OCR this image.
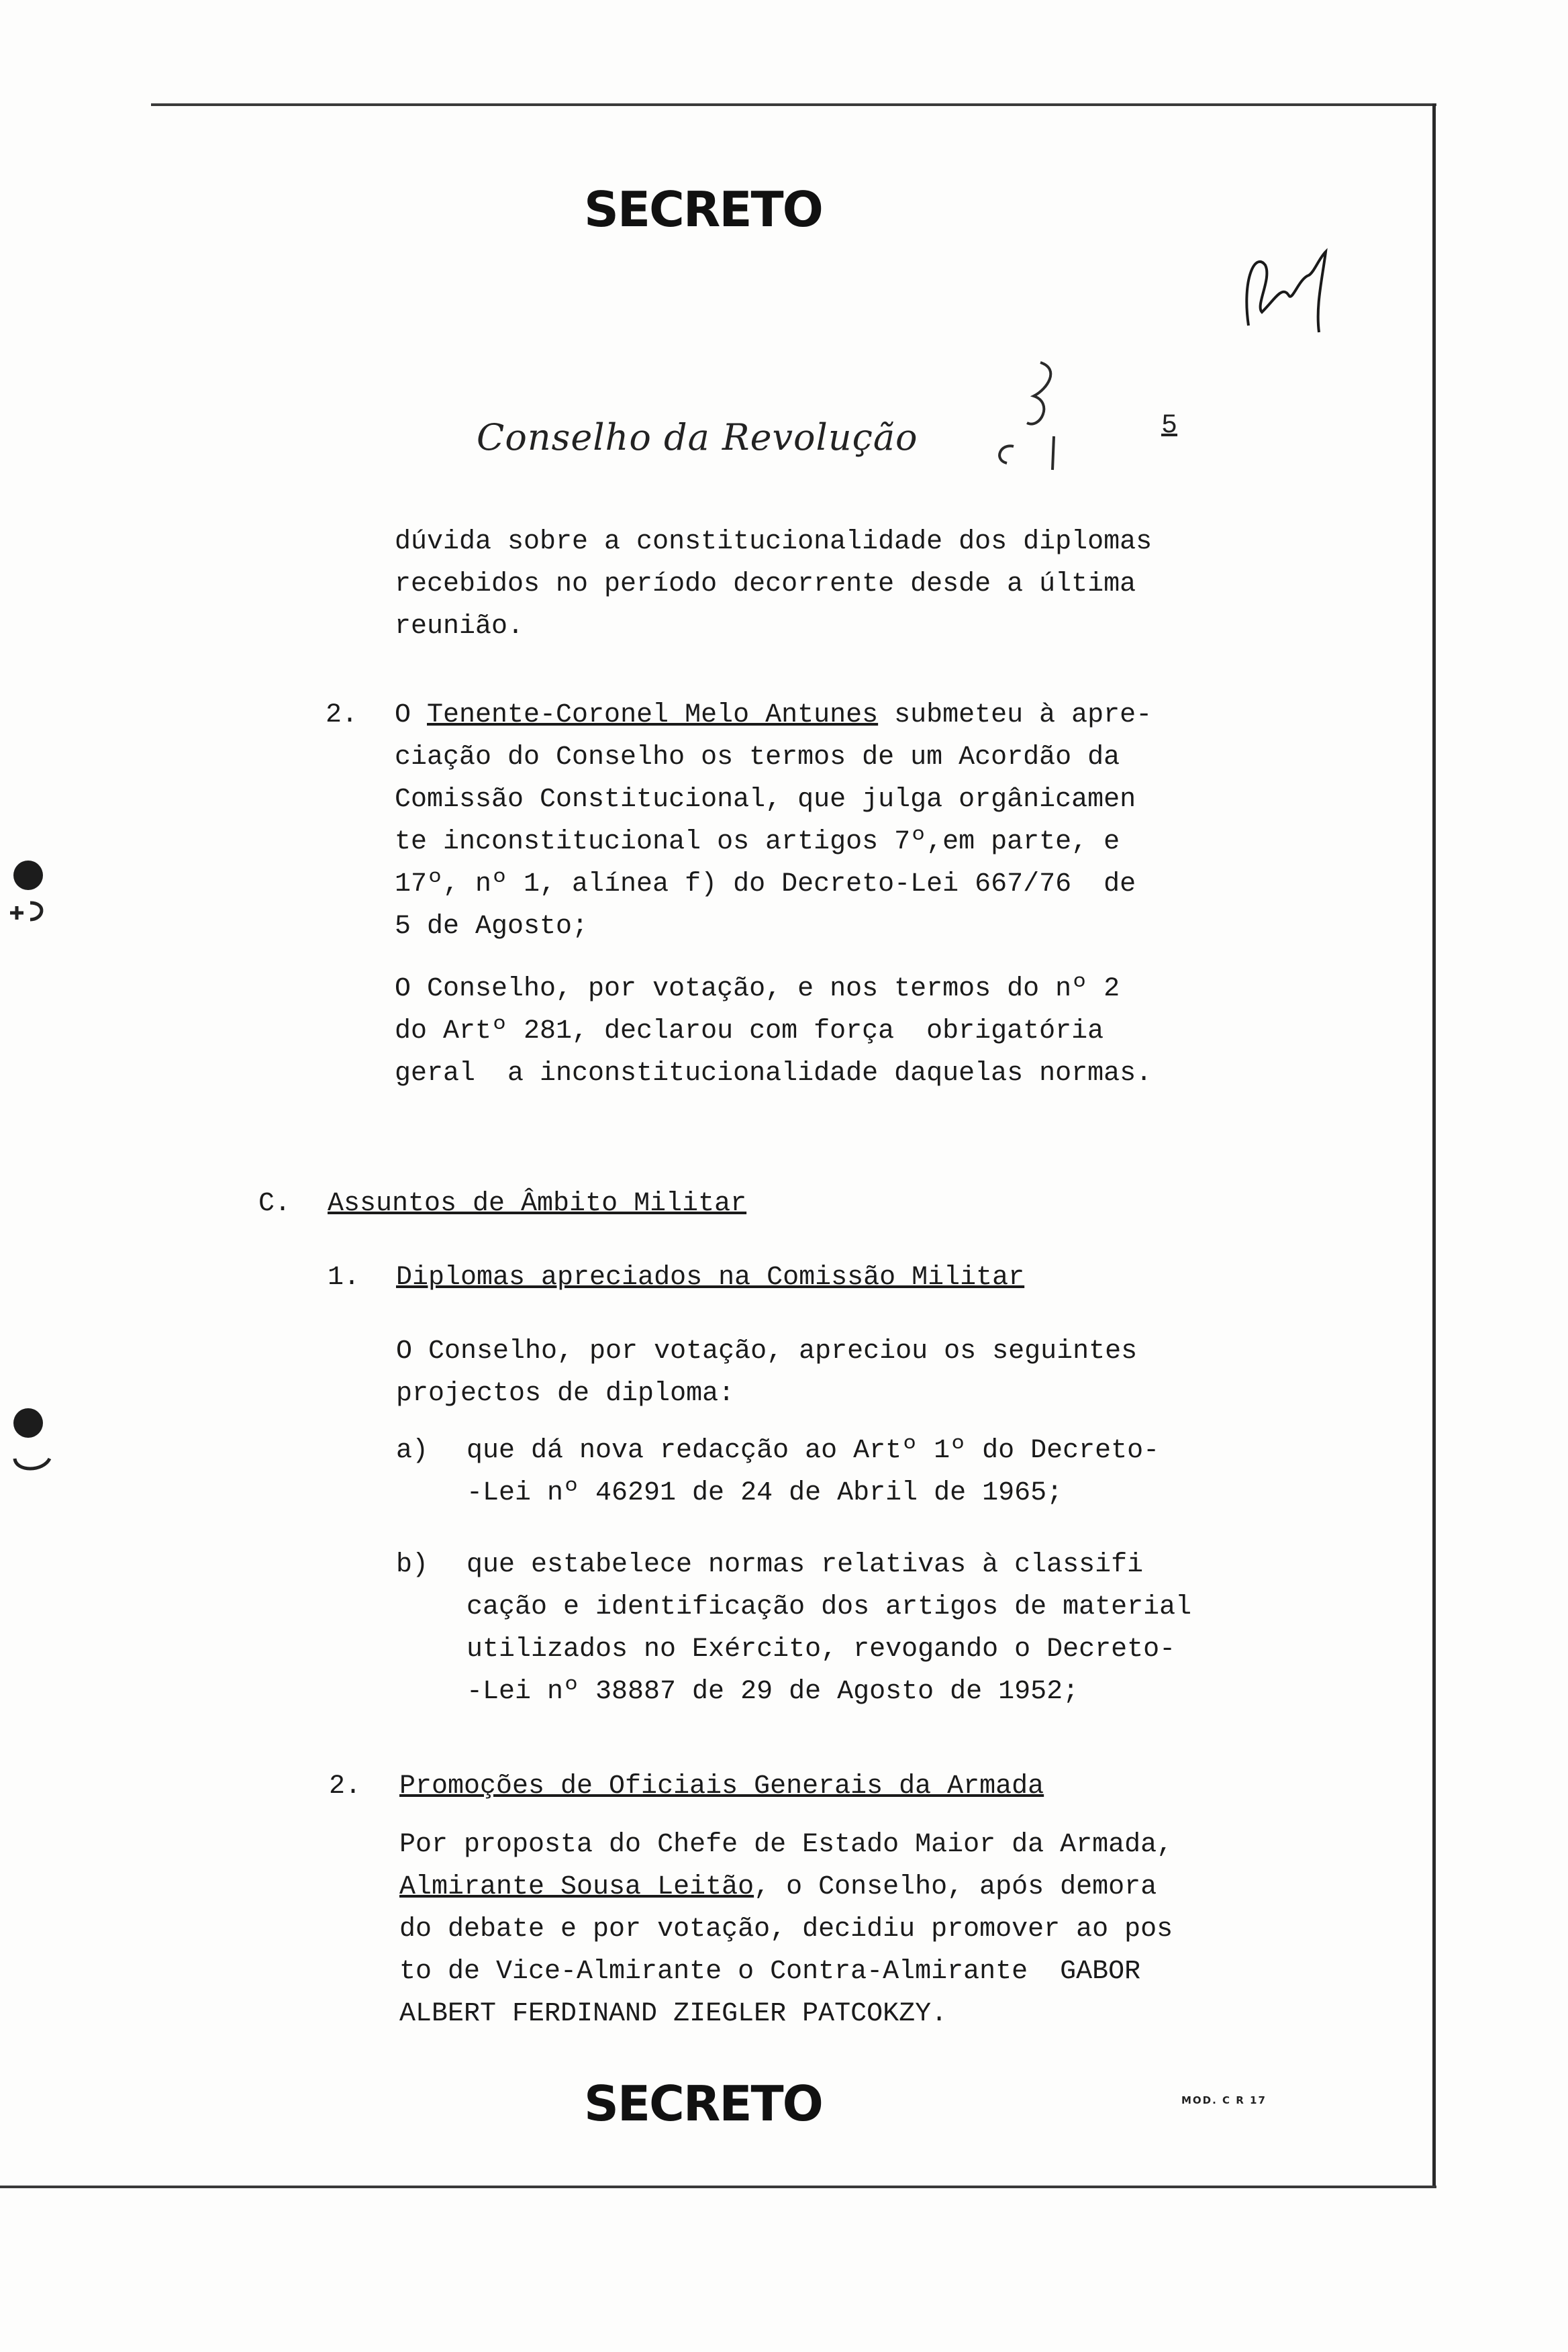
SECRETO
Conselho da Revolução	5
dúvida sobre a constitucionalidade dos diplomas
recebidos no período decorrente desde a última
reunião.
2. O Tenente-Coronel Melo Antunes submeteu à apre-
ciação do Conselho os termos de um Acordão da
Comissão Constitucional, que julga orgânicamen
te inconstitucional os artigos 7º,em parte, e
17º, nº 1, alínea f) do Decreto-Lei 667/76  de
5 de Agosto;
O Conselho, por votação, e nos termos do nº 2
do Artº 281, declarou com força  obrigatória
geral  a inconstitucionalidade daquelas normas.
C. Assuntos de Âmbito Militar
1. Diplomas apreciados na Comissão Militar
O Conselho, por votação, apreciou os seguintes
projectos de diploma:
a) que dá nova redacção ao Artº 1º do Decreto-
-Lei nº 46291 de 24 de Abril de 1965;
b) que estabelece normas relativas à classifi
cação e identificação dos artigos de material
utilizados no Exército, revogando o Decreto-
-Lei nº 38887 de 29 de Agosto de 1952;
2. Promoções de Oficiais Generais da Armada
Por proposta do Chefe de Estado Maior da Armada,
Almirante Sousa Leitão, o Conselho, após demora
do debate e por votação, decidiu promover ao pos
to de Vice-Almirante o Contra-Almirante  GABOR
ALBERT FERDINAND ZIEGLER PATCOKZY.
SECRETO	MOD. C R 17
